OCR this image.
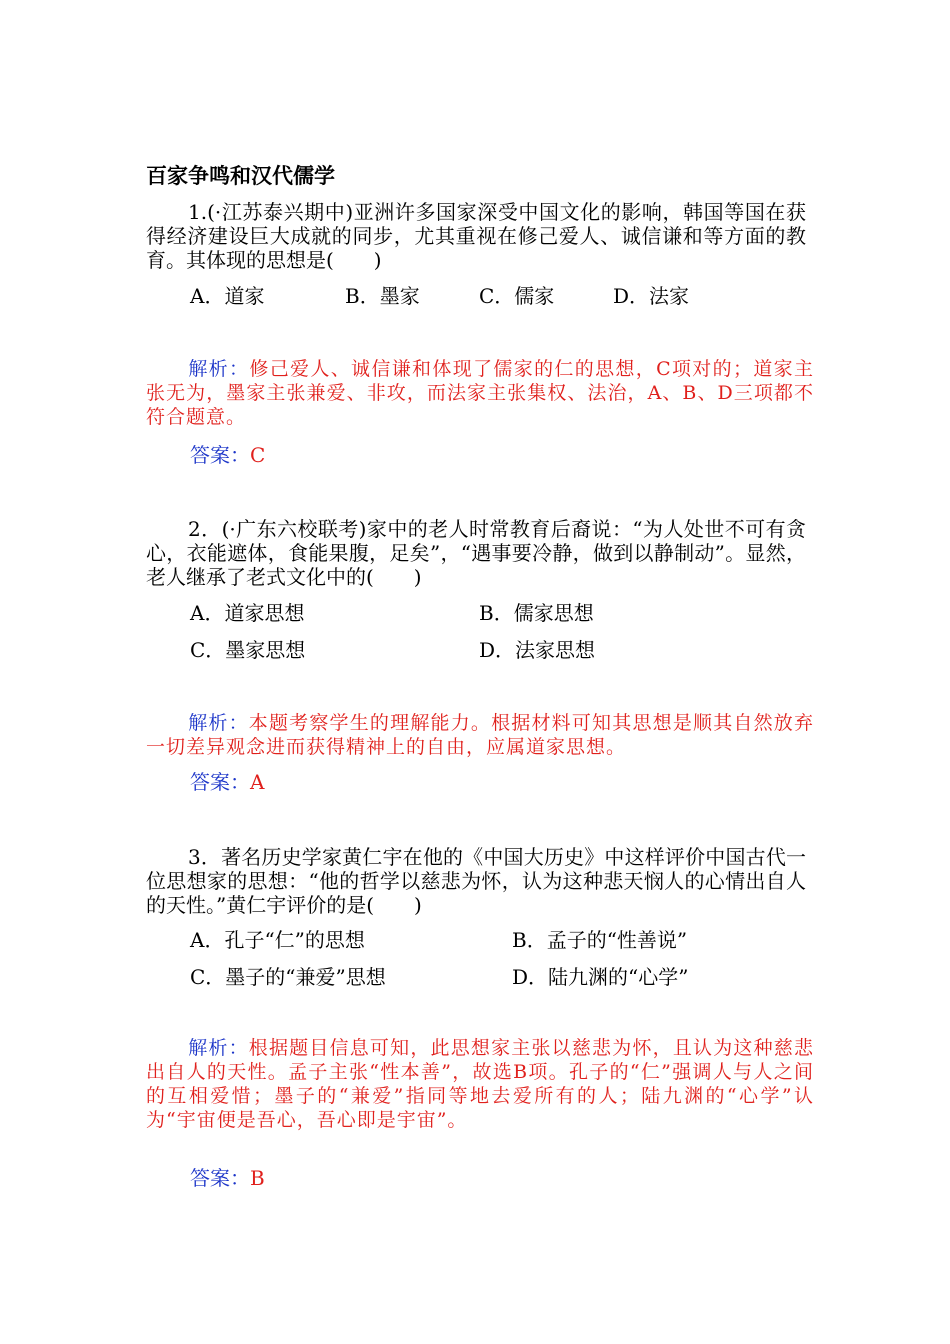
百家争鸣和汉代儒学
1.(·江苏泰兴期中)亚洲许多国家深受中国文化的影响，韩国等国在获得经济建设巨大成就的同步，尤其重视在修己爱人、诚信谦和等方面的教育。其体现的思想是(　　)
A．道家	B．墨家	C．儒家	D．法家
解析：修己爱人、诚信谦和体现了儒家的仁的思想，C项对的；道家主张无为，墨家主张兼爱、非攻，而法家主张集权、法治，A、B、D三项都不符合题意。
答案：C
2．(·广东六校联考)家中的老人时常教育后裔说：“为人处世不可有贪心，衣能遮体，食能果腹，足矣”，“遇事要冷静，做到以静制动”。显然，老人继承了老式文化中的(　　)
A．道家思想	B．儒家思想
C．墨家思想	D．法家思想
解析：本题考察学生的理解能力。根据材料可知其思想是顺其自然放弃一切差异观念进而获得精神上的自由，应属道家思想。
答案：A
3．著名历史学家黄仁宇在他的《中国大历史》中这样评价中国古代一位思想家的思想：“他的哲学以慈悲为怀，认为这种悲天悯人的心情出自人的天性。”黄仁宇评价的是(　　)
A．孔子“仁”的思想	B．孟子的“性善说”
C．墨子的“兼爱”思想	D．陆九渊的“心学”
解析：根据题目信息可知，此思想家主张以慈悲为怀，且认为这种慈悲出自人的天性。孟子主张“性本善”，故选B项。孔子的“仁”强调人与人之间的互相爱惜；墨子的“兼爱”指同等地去爱所有的人；陆九渊的“心学”认为“宇宙便是吾心，吾心即是宇宙”。
答案：B
